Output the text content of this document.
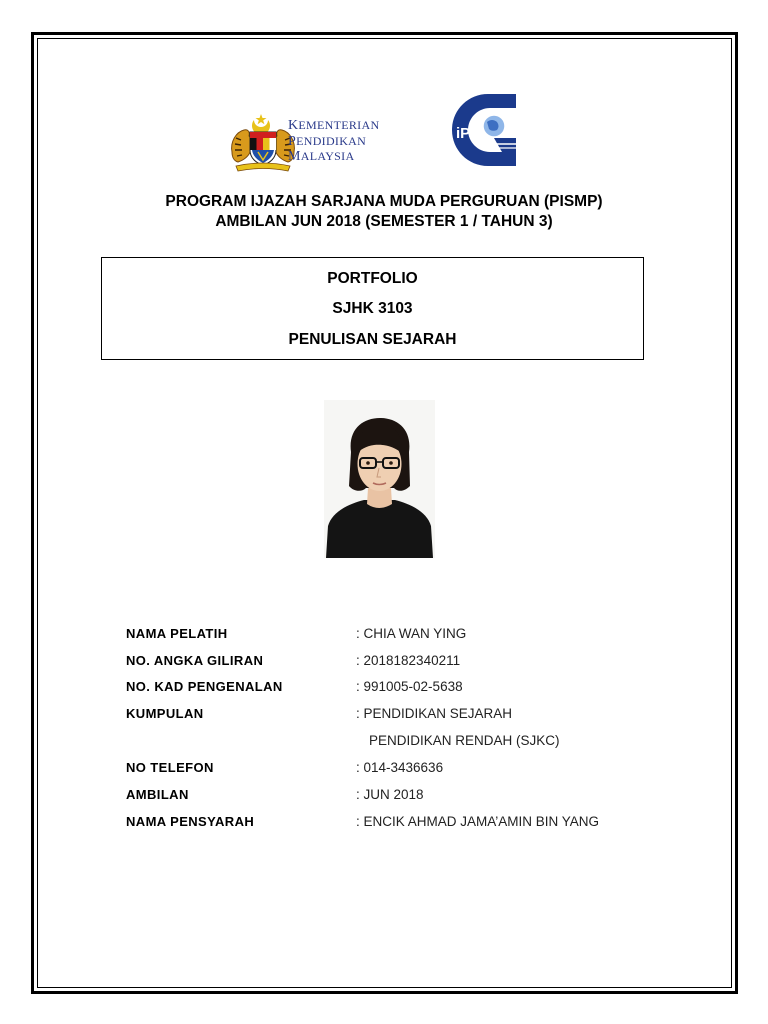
KEMENTERIAN
PENDIDIKAN
MALAYSIA
iPG
PROGRAM IJAZAH SARJANA MUDA PERGURUAN (PISMP)
AMBILAN JUN 2018 (SEMESTER 1 / TAHUN 3)
PORTFOLIO
SJHK 3103
PENULISAN SEJARAH
NAMA PELATIH	: CHIA WAN YING
NO. ANGKA GILIRAN	: 2018182340211
NO. KAD PENGENALAN	: 991005-02-5638
KUMPULAN	: PENDIDIKAN SEJARAH
PENDIDIKAN RENDAH (SJKC)
NO TELEFON	: 014-3436636
AMBILAN	: JUN 2018
NAMA PENSYARAH	: ENCIK AHMAD JAMA’AMIN BIN YANG
